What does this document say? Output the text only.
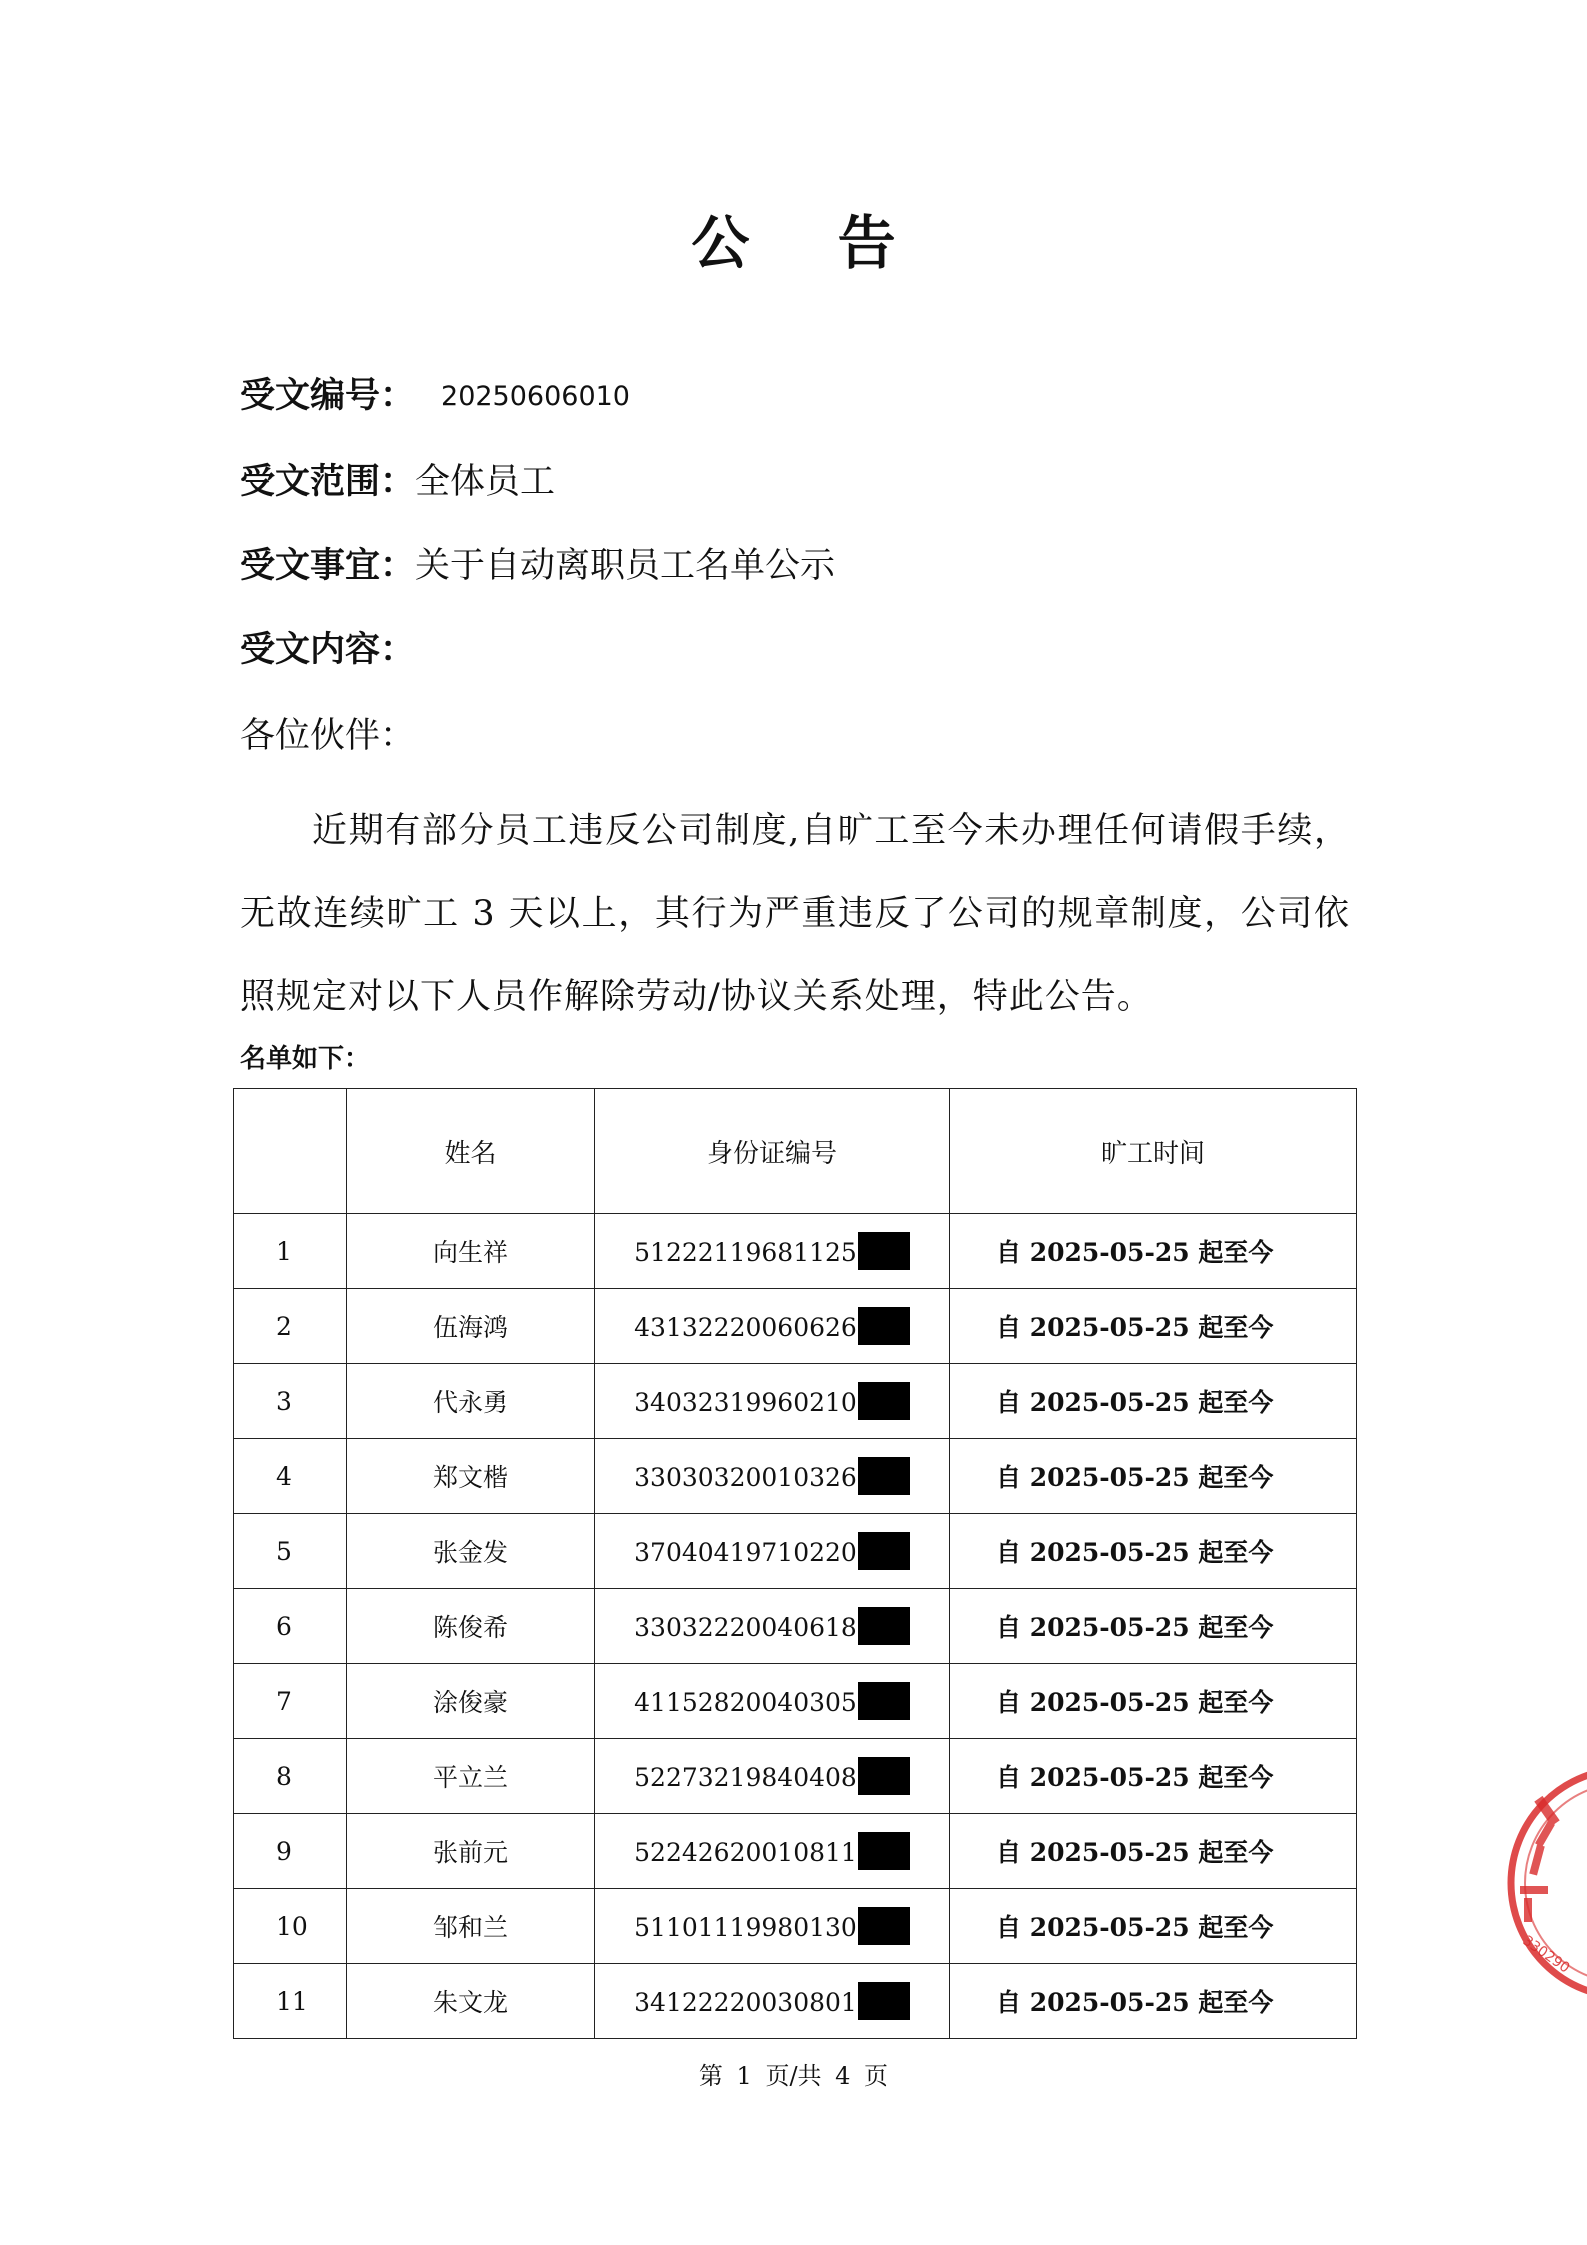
公 告
受文编号： 20250606010
受文范围：全体员工
受文事宜：关于自动离职员工名单公示
受文内容：
各位伙伴：
近期有部分员工违反公司制度,自旷工至今未办理任何请假手续，无故连续旷工 3 天以上，其行为严重违反了公司的规章制度，公司依照规定对以下人员作解除劳动/协议关系处理，特此公告。
名单如下：
	姓名	身份证编号	旷工时间
1	向生祥	51222119681125	自 2025-05-25 起至今
2	伍海鸿	43132220060626	自 2025-05-25 起至今
3	代永勇	34032319960210	自 2025-05-25 起至今
4	郑文楷	33030320010326	自 2025-05-25 起至今
5	张金发	37040419710220	自 2025-05-25 起至今
6	陈俊希	33032220040618	自 2025-05-25 起至今
7	涂俊豪	41152820040305	自 2025-05-25 起至今
8	平立兰	52273219840408	自 2025-05-25 起至今
9	张前元	52242620010811	自 2025-05-25 起至今
10	邹和兰	51101119980130	自 2025-05-25 起至今
11	朱文龙	34122220030801	自 2025-05-25 起至今
第 1 页/共 4 页
330290
